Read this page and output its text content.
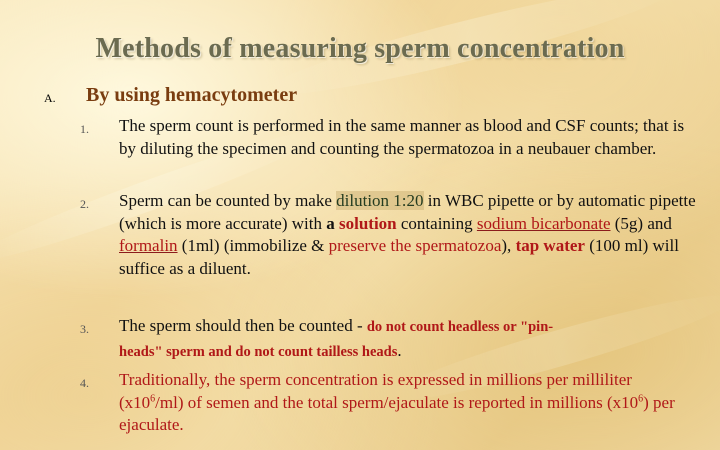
Methods of measuring sperm concentration
A. By using hemacytometer
1. The sperm count is performed in the same manner as blood and CSF counts; that is by diluting the specimen and counting the spermatozoa in a neubauer chamber.
2. Sperm can be counted by make dilution 1:20 in WBC pipette or by automatic pipette (which is more accurate) with a solution containing sodium bicarbonate (5g) and formalin (1ml) (immobilize & preserve the spermatozoa), tap water (100 ml) will suffice as a diluent.
3. The sperm should then be counted - do not count headless or "pin-
heads" sperm and do not count tailless heads.
4. Traditionally, the sperm concentration is expressed in millions per milliliter $(x10^6/ml)$ of semen and the total sperm/ejaculate is reported in millions $(x10^6)$ per ejaculate.
